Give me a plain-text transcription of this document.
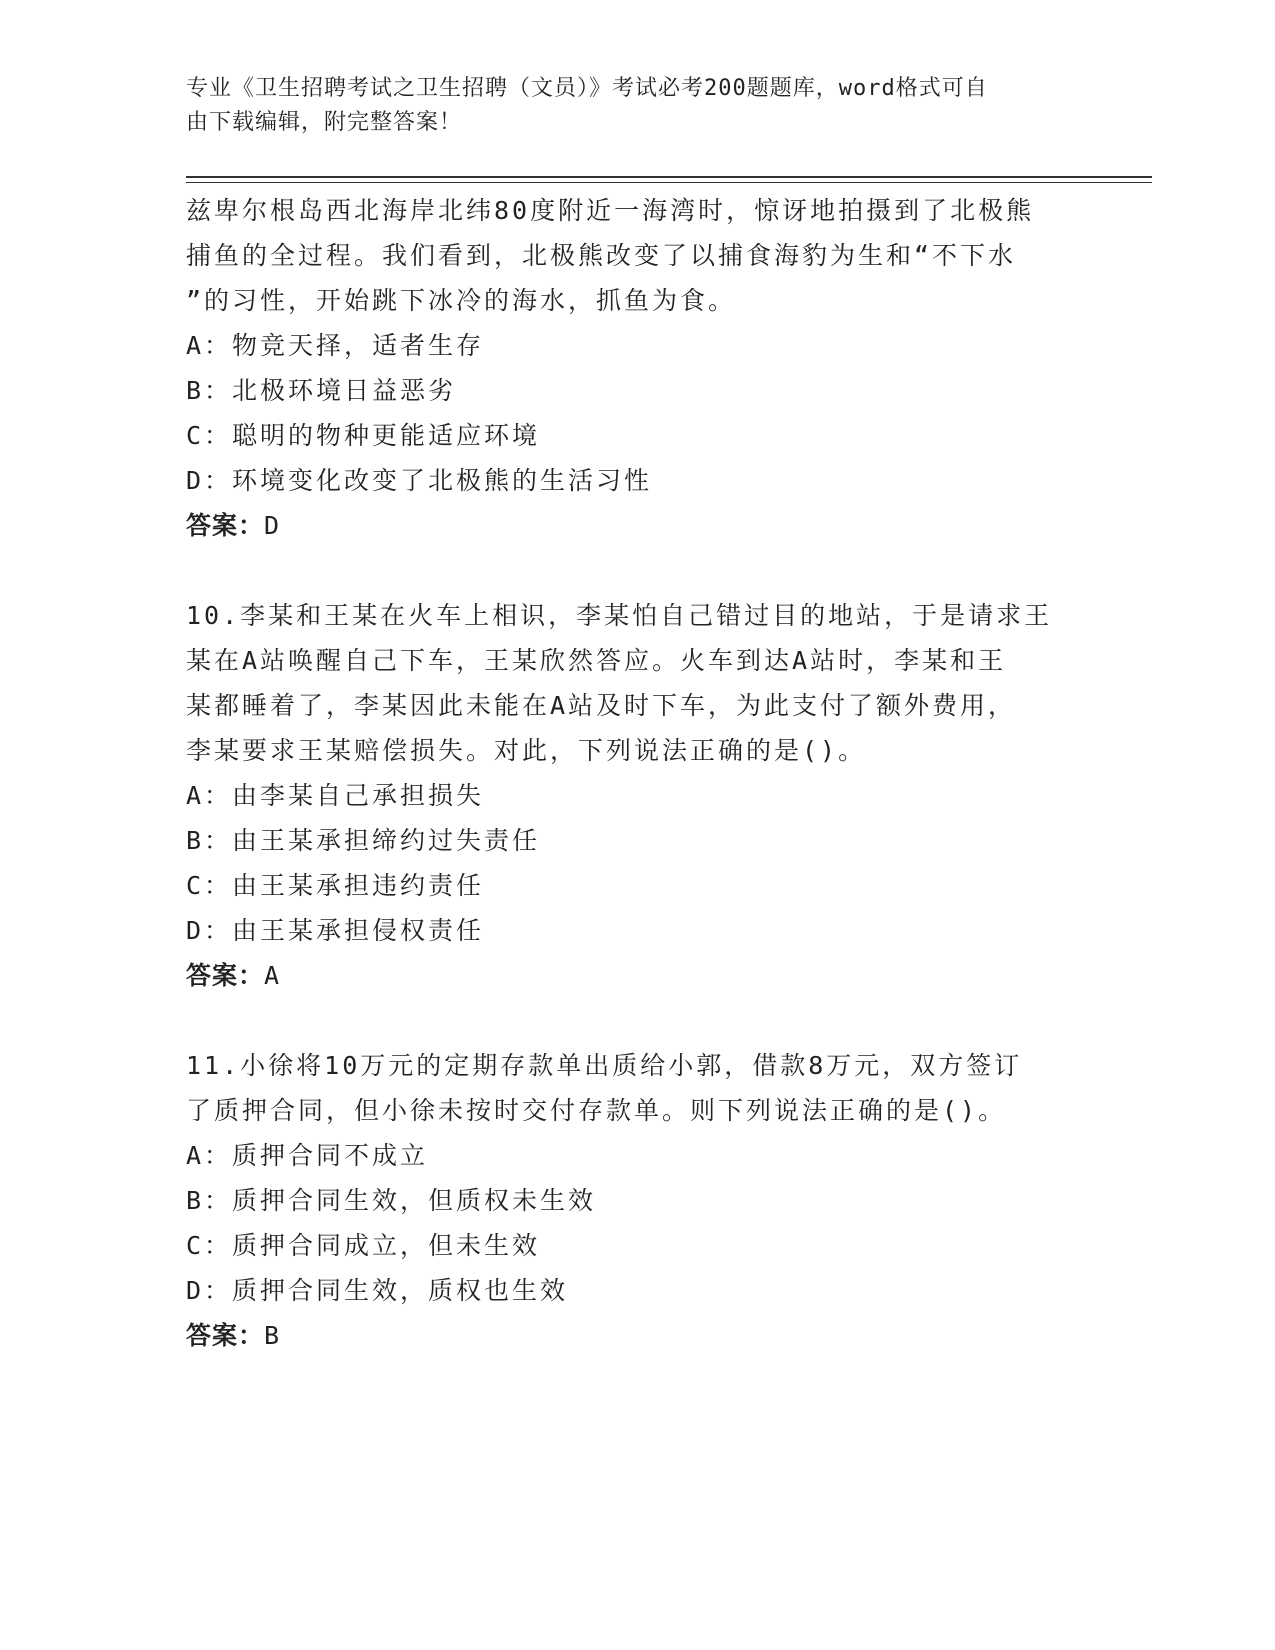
专业《卫生招聘考试之卫生招聘（文员）》考试必考200题题库，word格式可自
由下载编辑，附完整答案！

兹卑尔根岛西北海岸北纬80度附近一海湾时，惊讶地拍摄到了北极熊

捕鱼的全过程。我们看到，北极熊改变了以捕食海豹为生和“不下水

”的习性，开始跳下冰冷的海水，抓鱼为食。

A：物竞天择，适者生存

B：北极环境日益恶劣

C：聪明的物种更能适应环境

D：环境变化改变了北极熊的生活习性

答案：D

10.李某和王某在火车上相识，李某怕自己错过目的地站，于是请求王

某在A站唤醒自己下车，王某欣然答应。火车到达A站时，李某和王

某都睡着了，李某因此未能在A站及时下车，为此支付了额外费用，

李某要求王某赔偿损失。对此，下列说法正确的是()。

A：由李某自己承担损失

B：由王某承担缔约过失责任

C：由王某承担违约责任

D：由王某承担侵权责任

答案：A

11.小徐将10万元的定期存款单出质给小郭，借款8万元，双方签订

了质押合同，但小徐未按时交付存款单。则下列说法正确的是()。

A：质押合同不成立

B：质押合同生效，但质权未生效

C：质押合同成立，但未生效

D：质押合同生效，质权也生效

答案：B
